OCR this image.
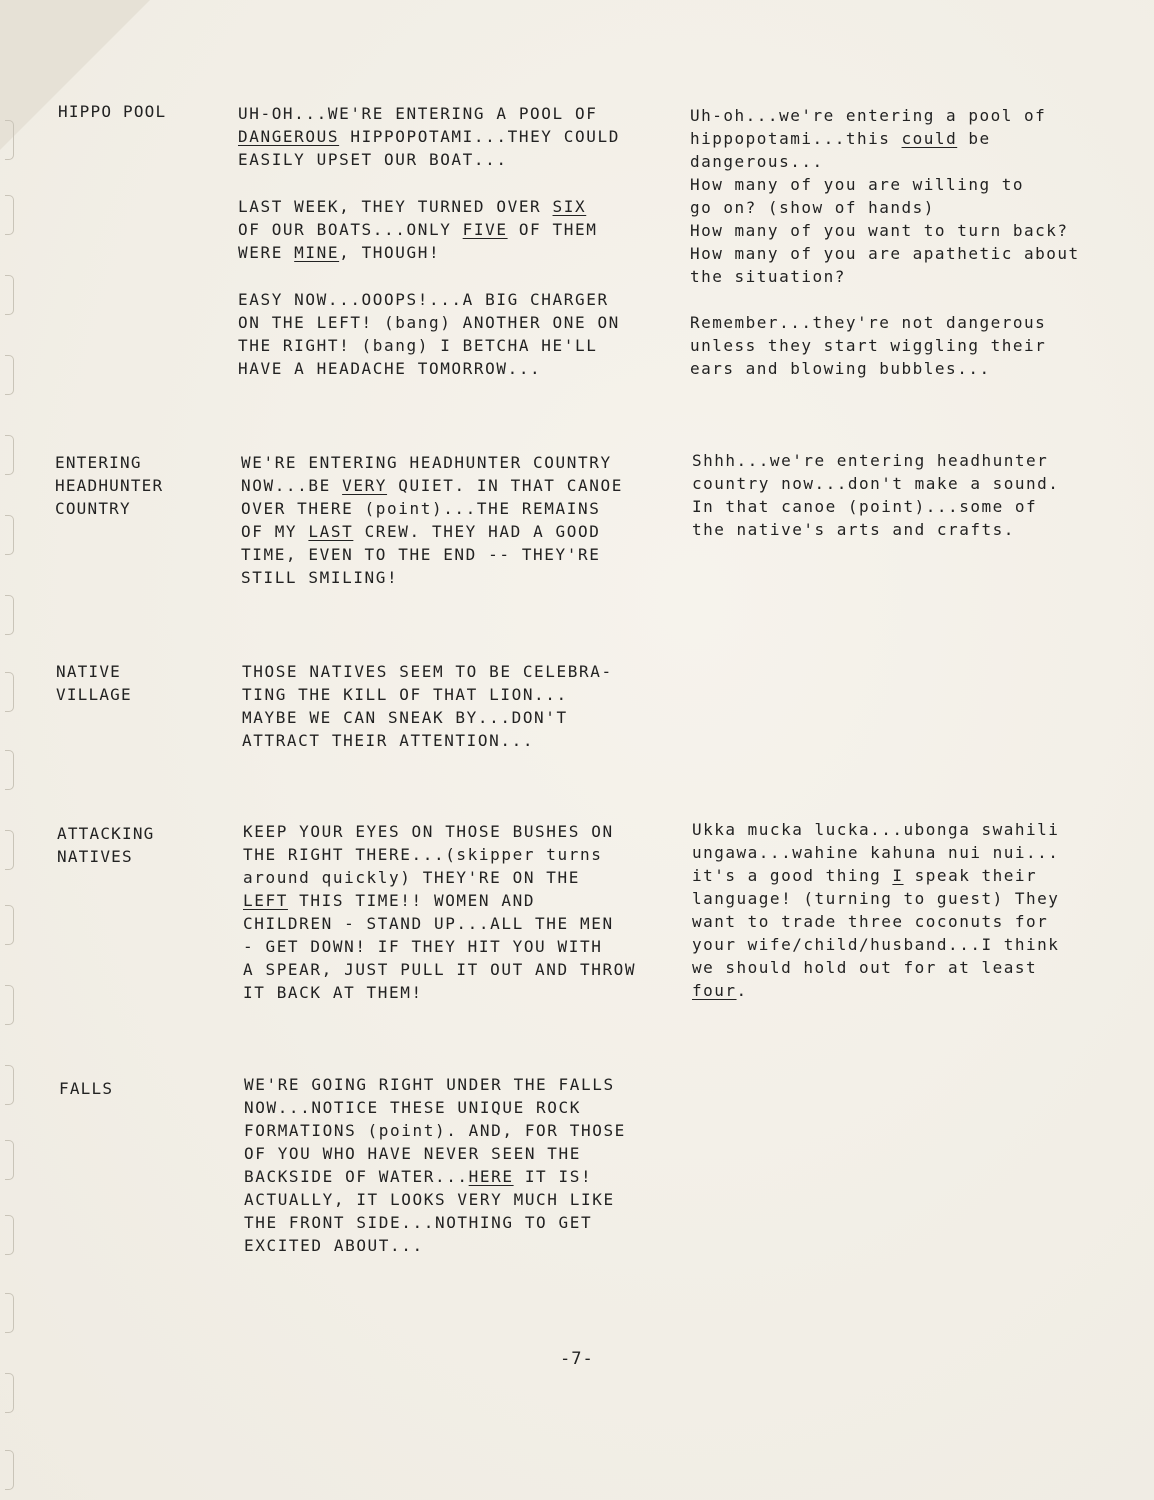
HIPPO POOL	UH-OH...WE'RE ENTERING A POOL OF
DANGEROUS HIPPOPOTAMI...THEY COULD
EASILY UPSET OUR BOAT...
LAST WEEK, THEY TURNED OVER SIX
OF OUR BOATS...ONLY FIVE OF THEM
WERE MINE, THOUGH!
EASY NOW...OOOPS!...A BIG CHARGER
ON THE LEFT! (bang) ANOTHER ONE ON
THE RIGHT! (bang) I BETCHA HE'LL
HAVE A HEADACHE TOMORROW...
Uh-oh...we're entering a pool of
hippopotami...this could be
dangerous...
How many of you are willing to
go on? (show of hands)
How many of you want to turn back?
How many of you are apathetic about
the situation?
Remember...they're not dangerous
unless they start wiggling their
ears and blowing bubbles...
ENTERING
HEADHUNTER
COUNTRY
WE'RE ENTERING HEADHUNTER COUNTRY
NOW...BE VERY QUIET. IN THAT CANOE
OVER THERE (point)...THE REMAINS
OF MY LAST CREW. THEY HAD A GOOD
TIME, EVEN TO THE END -- THEY'RE
STILL SMILING!
Shhh...we're entering headhunter
country now...don't make a sound.
In that canoe (point)...some of
the native's arts and crafts.
NATIVE
VILLAGE
THOSE NATIVES SEEM TO BE CELEBRA-
TING THE KILL OF THAT LION...
MAYBE WE CAN SNEAK BY...DON'T
ATTRACT THEIR ATTENTION...
ATTACKING
NATIVES
KEEP YOUR EYES ON THOSE BUSHES ON
THE RIGHT THERE...(skipper turns
around quickly) THEY'RE ON THE
LEFT THIS TIME!! WOMEN AND
CHILDREN - STAND UP...ALL THE MEN
- GET DOWN! IF THEY HIT YOU WITH
A SPEAR, JUST PULL IT OUT AND THROW
IT BACK AT THEM!
Ukka mucka lucka...ubonga swahili
ungawa...wahine kahuna nui nui...
it's a good thing I speak their
language! (turning to guest) They
want to trade three coconuts for
your wife/child/husband...I think
we should hold out for at least
four.
FALLS	WE'RE GOING RIGHT UNDER THE FALLS
NOW...NOTICE THESE UNIQUE ROCK
FORMATIONS (point). AND, FOR THOSE
OF YOU WHO HAVE NEVER SEEN THE
BACKSIDE OF WATER...HERE IT IS!
ACTUALLY, IT LOOKS VERY MUCH LIKE
THE FRONT SIDE...NOTHING TO GET
EXCITED ABOUT...
-7-
